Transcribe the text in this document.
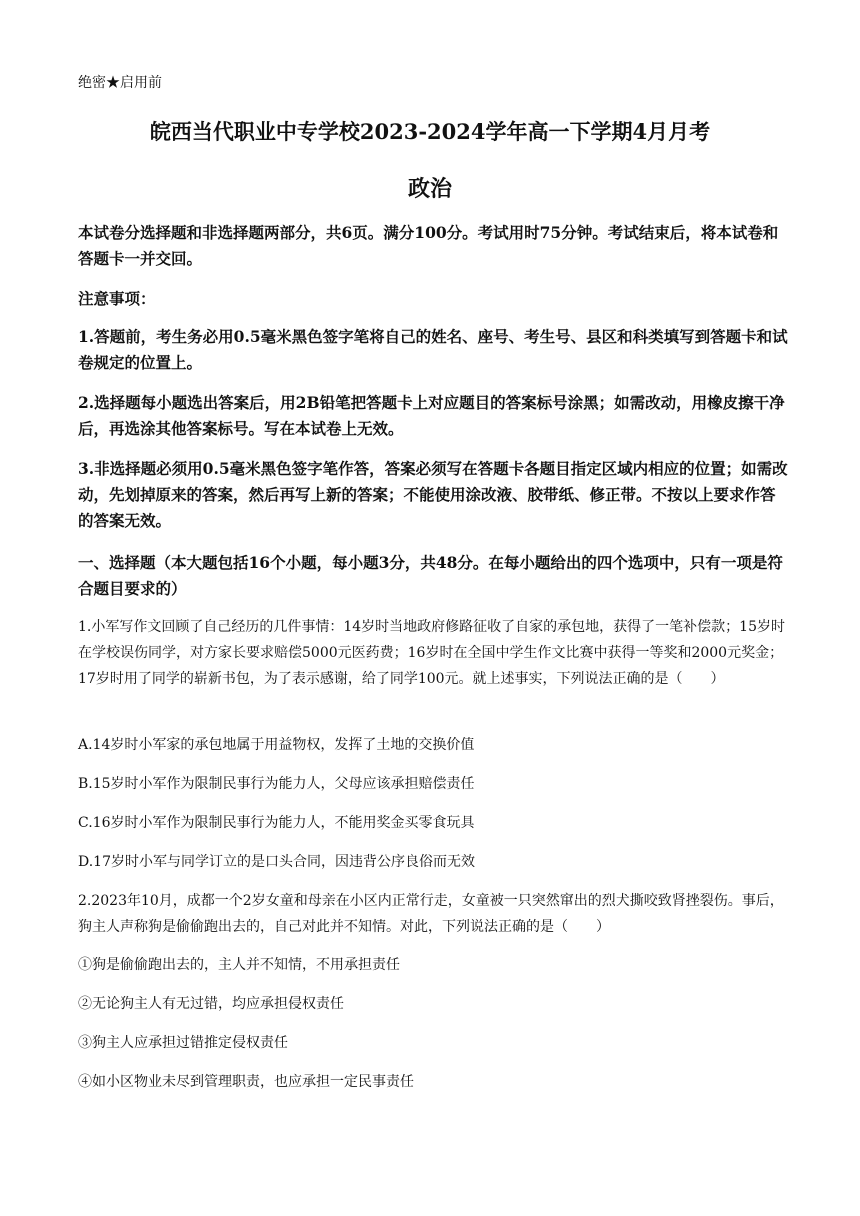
绝密★启用前
皖西当代职业中专学校2023-2024学年高一下学期4月月考
政治

本试卷分选择题和非选择题两部分，共6页。满分100分。考试用时75分钟。考试结束后，将本试卷和答题卡一并交回。

注意事项：

1.答题前，考生务必用0.5毫米黑色签字笔将自己的姓名、座号、考生号、县区和科类填写到答题卡和试卷规定的位置上。

2.选择题每小题选出答案后，用2B铅笔把答题卡上对应题目的答案标号涂黑；如需改动，用橡皮擦干净后，再选涂其他答案标号。写在本试卷上无效。

3.非选择题必须用0.5毫米黑色签字笔作答，答案必须写在答题卡各题目指定区域内相应的位置；如需改动，先划掉原来的答案，然后再写上新的答案；不能使用涂改液、胶带纸、修正带。不按以上要求作答的答案无效。

一、选择题（本大题包括16个小题，每小题3分，共48分。在每小题给出的四个选项中，只有一项是符合题目要求的）

1.小军写作文回顾了自己经历的几件事情：14岁时当地政府修路征收了自家的承包地，获得了一笔补偿款；15岁时在学校误伤同学，对方家长要求赔偿5000元医药费；16岁时在全国中学生作文比赛中获得一等奖和2000元奖金；17岁时用了同学的崭新书包，为了表示感谢，给了同学100元。就上述事实，下列说法正确的是（　　）

A.14岁时小军家的承包地属于用益物权，发挥了土地的交换价值

B.15岁时小军作为限制民事行为能力人，父母应该承担赔偿责任

C.16岁时小军作为限制民事行为能力人，不能用奖金买零食玩具

D.17岁时小军与同学订立的是口头合同，因违背公序良俗而无效

2.2023年10月，成都一个2岁女童和母亲在小区内正常行走，女童被一只突然窜出的烈犬撕咬致肾挫裂伤。事后，狗主人声称狗是偷偷跑出去的，自己对此并不知情。对此，下列说法正确的是（　　）

①狗是偷偷跑出去的，主人并不知情，不用承担责任

②无论狗主人有无过错，均应承担侵权责任

③狗主人应承担过错推定侵权责任

④如小区物业未尽到管理职责，也应承担一定民事责任
